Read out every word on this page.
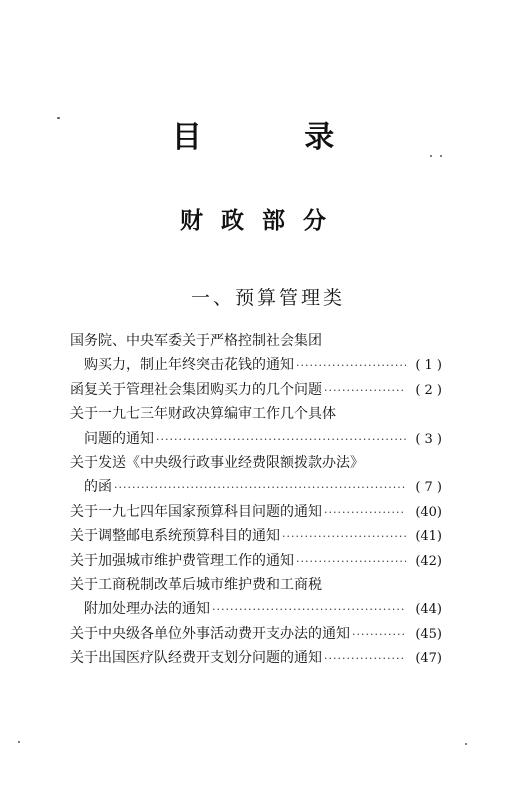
目 录
财政部分
一、预算管理类
国务院、中央军委关于严格控制社会集团
购买力，制止年终突击花钱的通知 ·····	( 1 )
函复关于管理社会集团购买力的几个问题 ·····	( 2 )
关于一九七三年财政决算编审工作几个具体
问题的通知 ·····	( 3 )
关于发送《中央级行政事业经费限额拨款办法》
的函 ·····	( 7 )
关于一九七四年国家预算科目问题的通知 ·····	(40)
关于调整邮电系统预算科目的通知 ·····	(41)
关于加强城市维护费管理工作的通知 ·····	(42)
关于工商税制改革后城市维护费和工商税
附加处理办法的通知 ·····	(44)
关于中央级各单位外事活动费开支办法的通知 ·····	(45)
关于出国医疗队经费开支划分问题的通知 ·····	(47)
